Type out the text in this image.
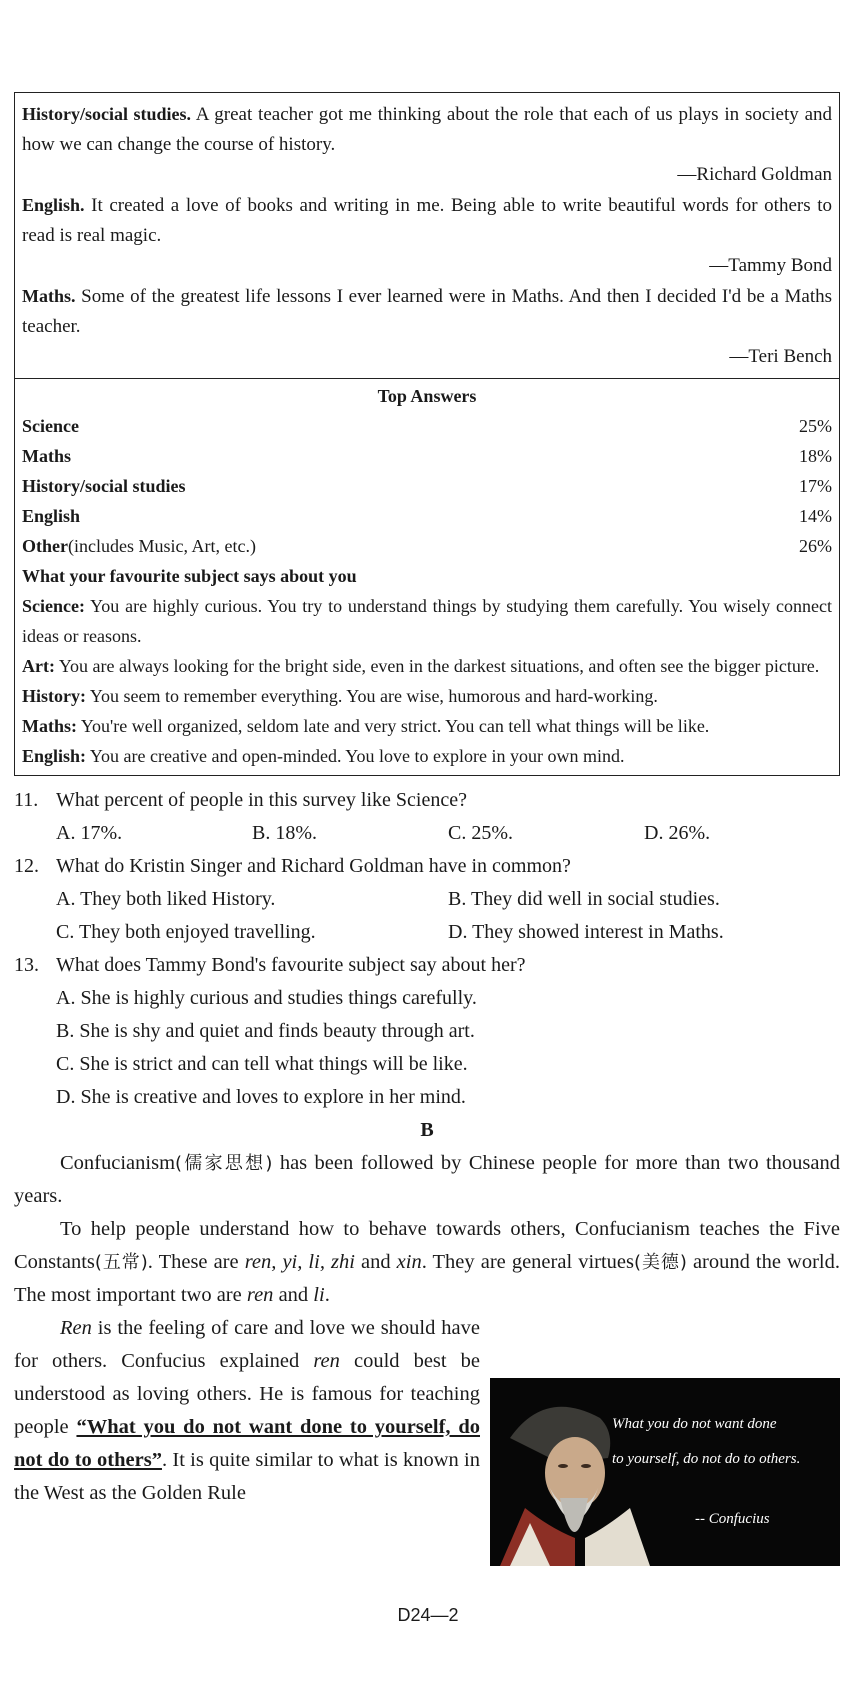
History/social studies. A great teacher got me thinking about the role that each of us plays in society and how we can change the course of history.
—Richard Goldman
English. It created a love of books and writing in me. Being able to write beautiful words for others to read is real magic.
—Tammy Bond
Maths. Some of the greatest life lessons I ever learned were in Maths. And then I decided I'd be a Maths teacher.
—Teri Bench
Top Answers
Science	25%
Maths	18%
History/social studies	17%
English	14%
Other(includes Music, Art, etc.)	26%
What your favourite subject says about you
Science: You are highly curious. You try to understand things by studying them carefully. You wisely connect ideas or reasons.
Art: You are always looking for the bright side, even in the darkest situations, and often see the bigger picture.
History: You seem to remember everything. You are wise, humorous and hard-working.
Maths: You're well organized, seldom late and very strict. You can tell what things will be like.
English: You are creative and open-minded. You love to explore in your own mind.
11. What percent of people in this survey like Science?
A. 17%.	B. 18%.	C. 25%.	D. 26%.
12. What do Kristin Singer and Richard Goldman have in common?
A. They both liked History.	B. They did well in social studies.
C. They both enjoyed travelling.	D. They showed interest in Maths.
13. What does Tammy Bond's favourite subject say about her?
A. She is highly curious and studies things carefully.
B. She is shy and quiet and finds beauty through art.
C. She is strict and can tell what things will be like.
D. She is creative and loves to explore in her mind.
B
Confucianism(儒家思想) has been followed by Chinese people for more than two thousand years.
To help people understand how to behave towards others, Confucianism teaches the Five Constants(五常). These are ren, yi, li, zhi and xin. They are general virtues(美德) around the world. The most important two are ren and li.
Ren is the feeling of care and love we should have for others. Confucius explained ren could best be understood as loving others. He is famous for teaching people “What you do not want done to yourself, do not do to others”. It is quite similar to what is known in the West as the Golden Rule
What you do not want done
to yourself, do not do to others.
-- Confucius
D24—2
